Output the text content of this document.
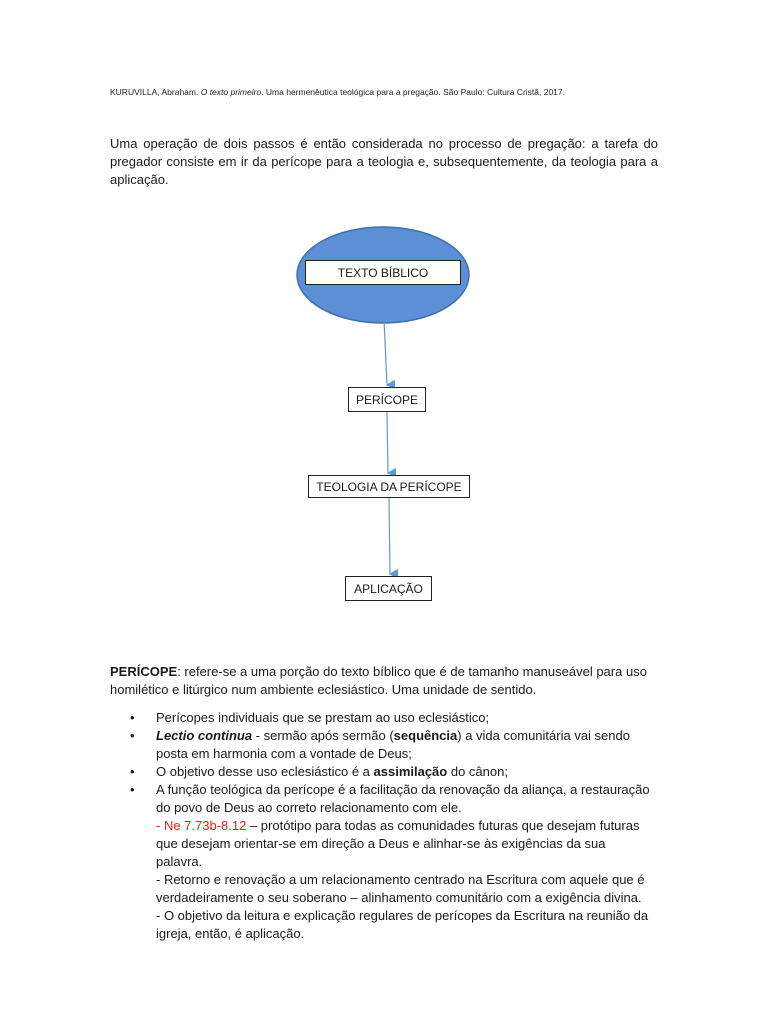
KURUVILLA, Abraham. O texto primeiro. Uma hermenêutica teológica para a pregação. São Paulo: Cultura Cristã, 2017.
Uma operação de dois passos é então considerada no processo de pregação: a tarefa do pregador consiste em ir da perícope para a teologia e, subsequentemente, da teologia para a aplicação.
TEXTO BÍBLICO
PERÍCOPE
TEOLOGIA DA PERÍCOPE
APLICAÇÃO
PERÍCOPE: refere-se a uma porção do texto bíblico que é de tamanho manuseável para uso homilético e litúrgico num ambiente eclesiástico. Uma unidade de sentido.
• Perícopes individuais que se prestam ao uso eclesiástico;
• Lectio continua - sermão após sermão (sequência) a vida comunitária vai sendo posta em harmonia com a vontade de Deus;
• O objetivo desse uso eclesiástico é a assimilação do cânon;
• A função teológica da perícope é a facilitação da renovação da aliança, a restauração do povo de Deus ao correto relacionamento com ele.
- Ne 7.73b-8.12 – protótipo para todas as comunidades futuras que desejam futuras que desejam orientar-se em direção a Deus e alinhar-se às exigências da sua palavra.
- Retorno e renovação a um relacionamento centrado na Escritura com aquele que é verdadeiramente o seu soberano – alinhamento comunitário com a exigência divina.
- O objetivo da leitura e explicação regulares de perícopes da Escritura na reunião da igreja, então, é aplicação.
